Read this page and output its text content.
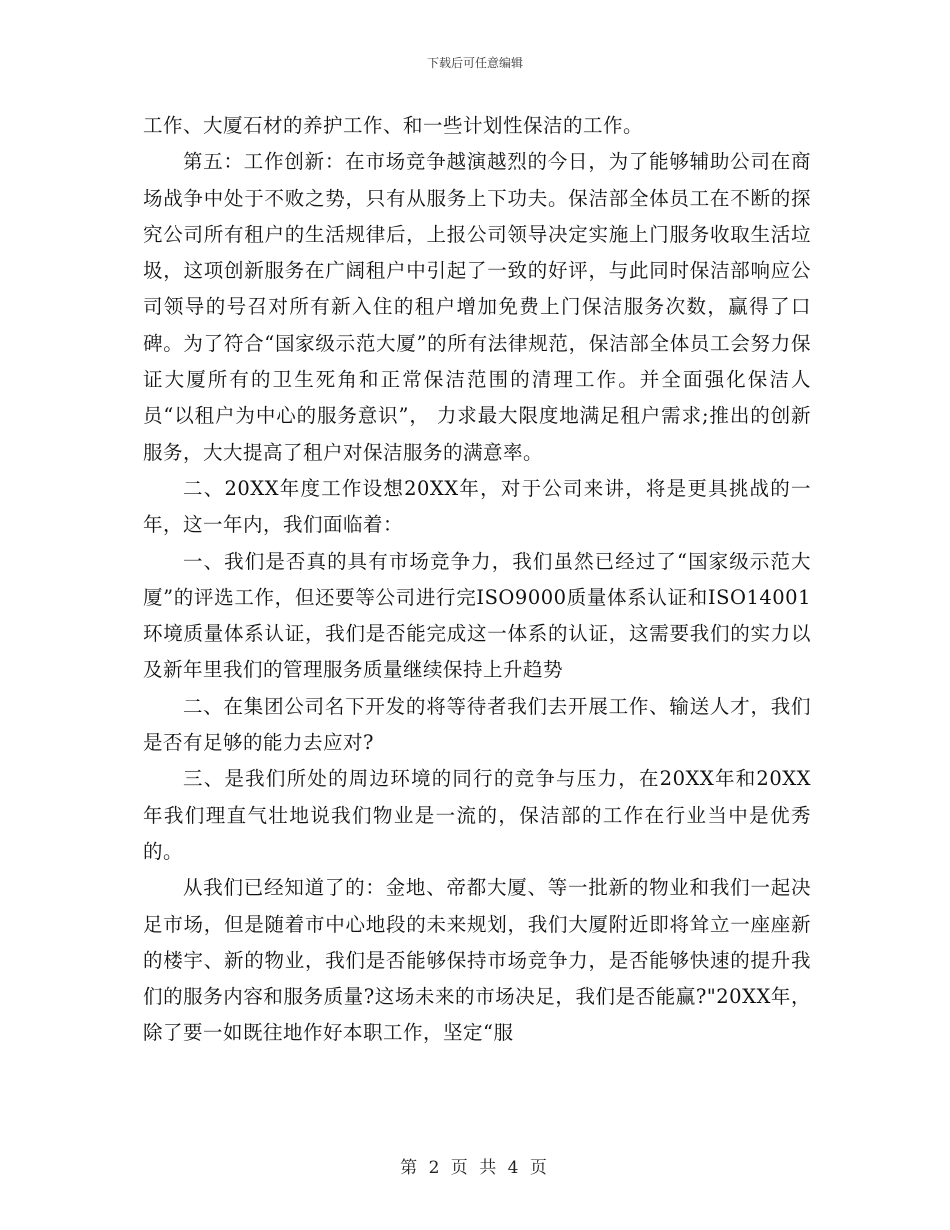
下载后可任意编辑

工作、大厦石材的养护工作、和一些计划性保洁的工作。

第五：工作创新：在市场竞争越演越烈的今日，为了能够辅助公司在商场战争中处于不败之势，只有从服务上下功夫。保洁部全体员工在不断的探究公司所有租户的生活规律后，上报公司领导决定实施上门服务收取生活垃圾，这项创新服务在广阔租户中引起了一致的好评，与此同时保洁部响应公司领导的号召对所有新入住的租户增加免费上门保洁服务次数，赢得了口碑。为了符合“国家级示范大厦”的所有法律规范，保洁部全体员工会努力保证大厦所有的卫生死角和正常保洁范围的清理工作。并全面强化保洁人员“以租户为中心的服务意识”， 力求最大限度地满足租户需求;推出的创新服务，大大提高了租户对保洁服务的满意率。

二、20XX年度工作设想20XX年，对于公司来讲，将是更具挑战的一年，这一年内，我们面临着：

一、我们是否真的具有市场竞争力，我们虽然已经过了“国家级示范大厦”的评选工作，但还要等公司进行完ISO9000质量体系认证和ISO14001环境质量体系认证，我们是否能完成这一体系的认证，这需要我们的实力以及新年里我们的管理服务质量继续保持上升趋势

二、在集团公司名下开发的将等待者我们去开展工作、输送人才，我们是否有足够的能力去应对?

三、是我们所处的周边环境的同行的竞争与压力，在20XX年和20XX年我们理直气壮地说我们物业是一流的，保洁部的工作在行业当中是优秀的。

从我们已经知道了的：金地、帝都大厦、等一批新的物业和我们一起决足市场，但是随着市中心地段的未来规划，我们大厦附近即将耸立一座座新的楼宇、新的物业，我们是否能够保持市场竞争力，是否能够快速的提升我们的服务内容和服务质量?这场未来的市场决足，我们是否能赢?"20XX年，除了要一如既往地作好本职工作，坚定“服

第 2 页 共 4 页
